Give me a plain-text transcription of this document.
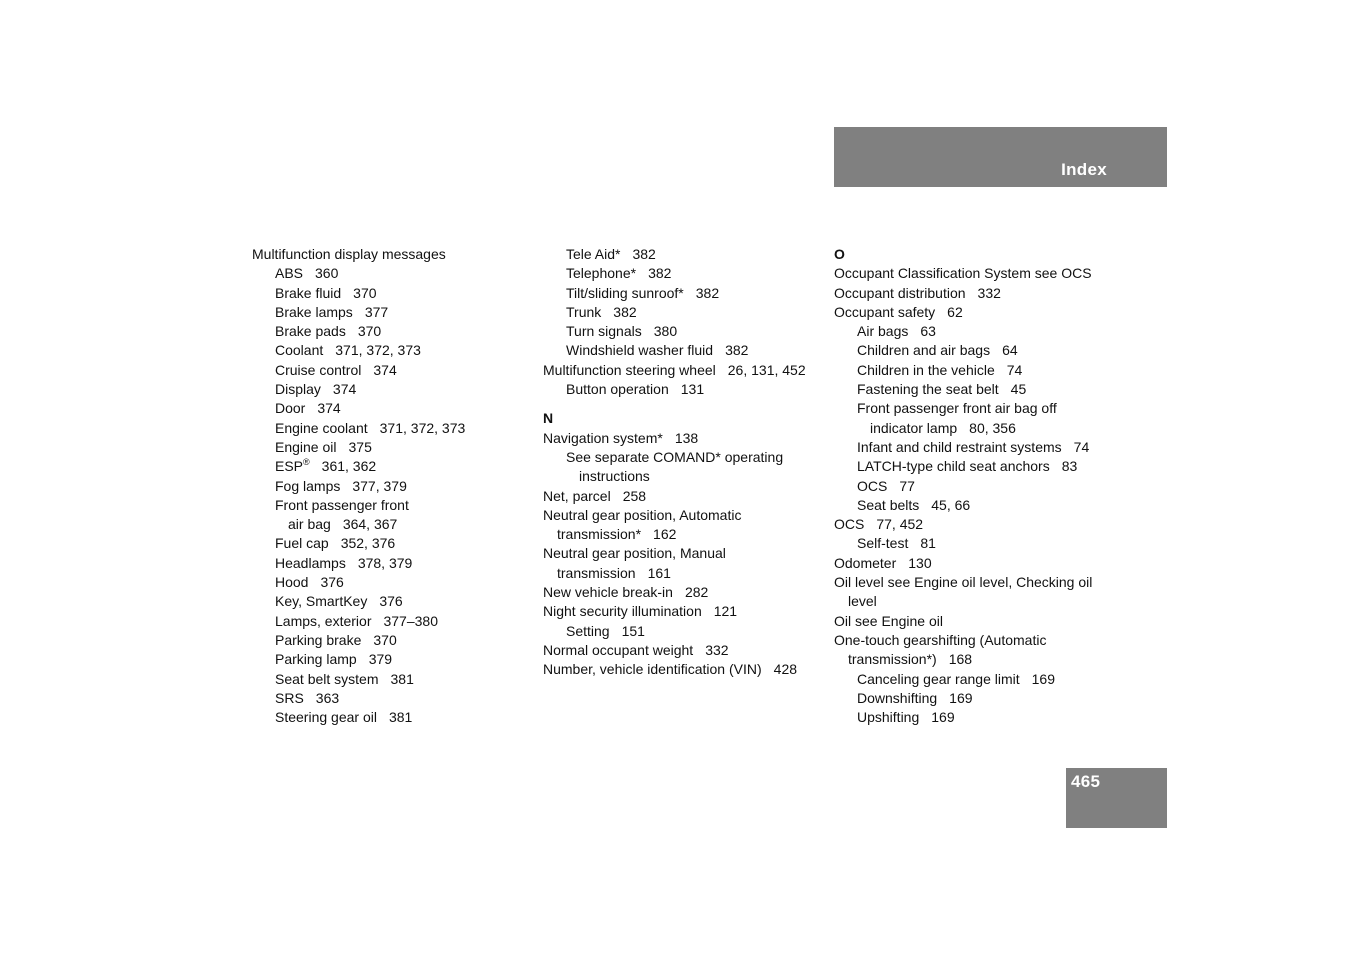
Index
Multifunction display messages
ABS 360
Brake fluid 370
Brake lamps 377
Brake pads 370
Coolant 371, 372, 373
Cruise control 374
Display 374
Door 374
Engine coolant 371, 372, 373
Engine oil 375
ESP® 361, 362
Fog lamps 377, 379
Front passenger front
air bag 364, 367
Fuel cap 352, 376
Headlamps 378, 379
Hood 376
Key, SmartKey 376
Lamps, exterior 377–380
Parking brake 370
Parking lamp 379
Seat belt system 381
SRS 363
Steering gear oil 381
Tele Aid* 382
Telephone* 382
Tilt/sliding sunroof* 382
Trunk 382
Turn signals 380
Windshield washer fluid 382
Multifunction steering wheel 26, 131, 452
Button operation 131
N
Navigation system* 138
See separate COMAND* operating instructions
Net, parcel 258
Neutral gear position, Automatic transmission* 162
Neutral gear position, Manual transmission 161
New vehicle break-in 282
Night security illumination 121
Setting 151
Normal occupant weight 332
Number, vehicle identification (VIN) 428
O
Occupant Classification System see OCS
Occupant distribution 332
Occupant safety 62
Air bags 63
Children and air bags 64
Children in the vehicle 74
Fastening the seat belt 45
Front passenger front air bag off indicator lamp 80, 356
Infant and child restraint systems 74
LATCH-type child seat anchors 83
OCS 77
Seat belts 45, 66
OCS 77, 452
Self-test 81
Odometer 130
Oil level see Engine oil level, Checking oil level
Oil see Engine oil
One-touch gearshifting (Automatic transmission*) 168
Canceling gear range limit 169
Downshifting 169
Upshifting 169
465
